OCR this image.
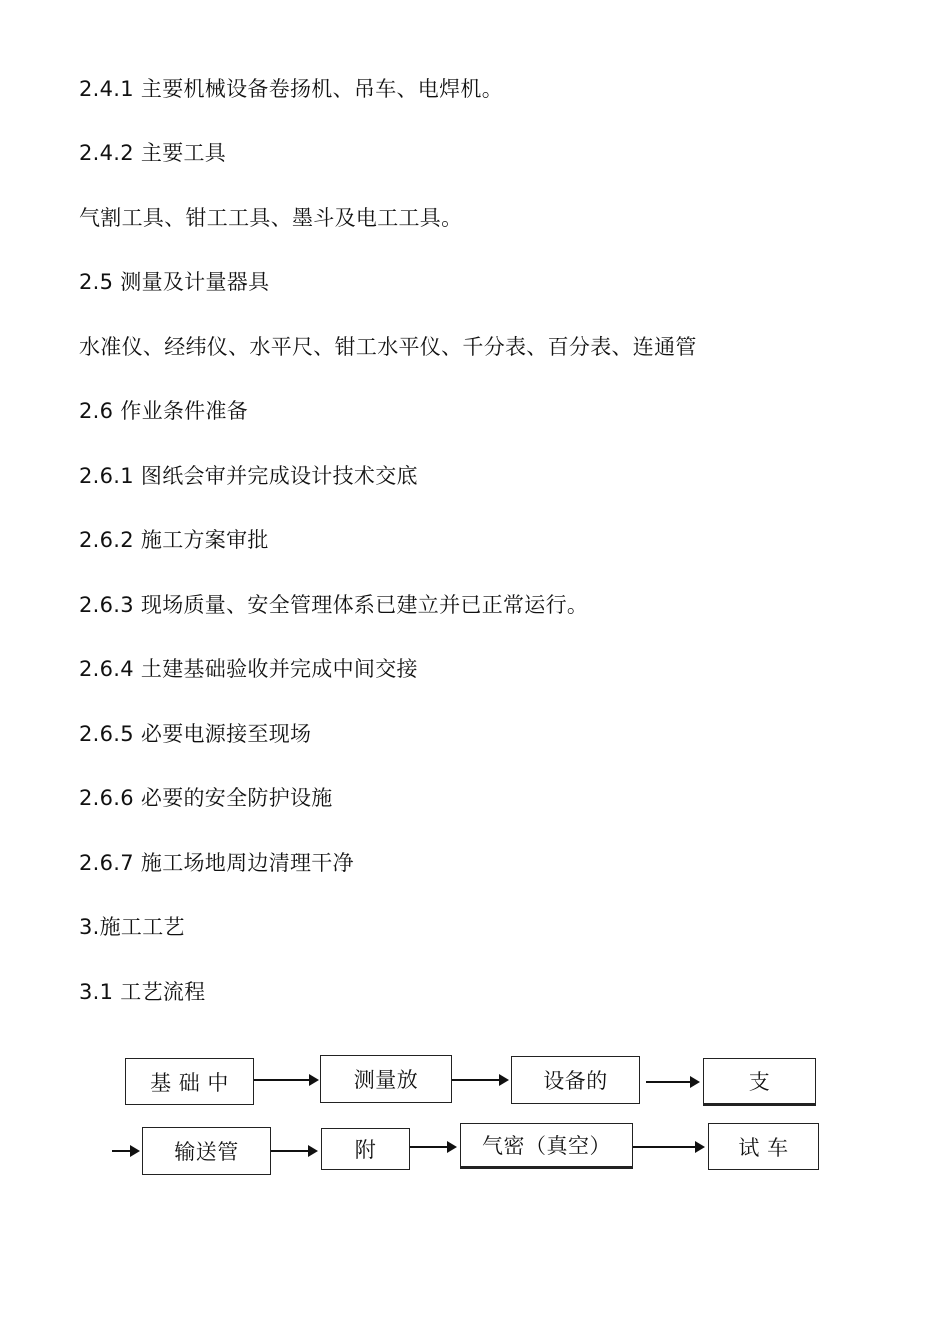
2.4.1 主要机械设备卷扬机、吊车、电焊机。
2.4.2 主要工具
气割工具、钳工工具、墨斗及电工工具。
2.5 测量及计量器具
水准仪、经纬仪、水平尺、钳工水平仪、千分表、百分表、连通管
2.6 作业条件准备
2.6.1 图纸会审并完成设计技术交底
2.6.2 施工方案审批
2.6.3 现场质量、安全管理体系已建立并已正常运行。
2.6.4 土建基础验收并完成中间交接
2.6.5 必要电源接至现场
2.6.6 必要的安全防护设施
2.6.7 施工场地周边清理干净
3.施工工艺
3.1 工艺流程
基 础 中	测量放	设备的	支
输送管	附	气密（真空）	试 车
